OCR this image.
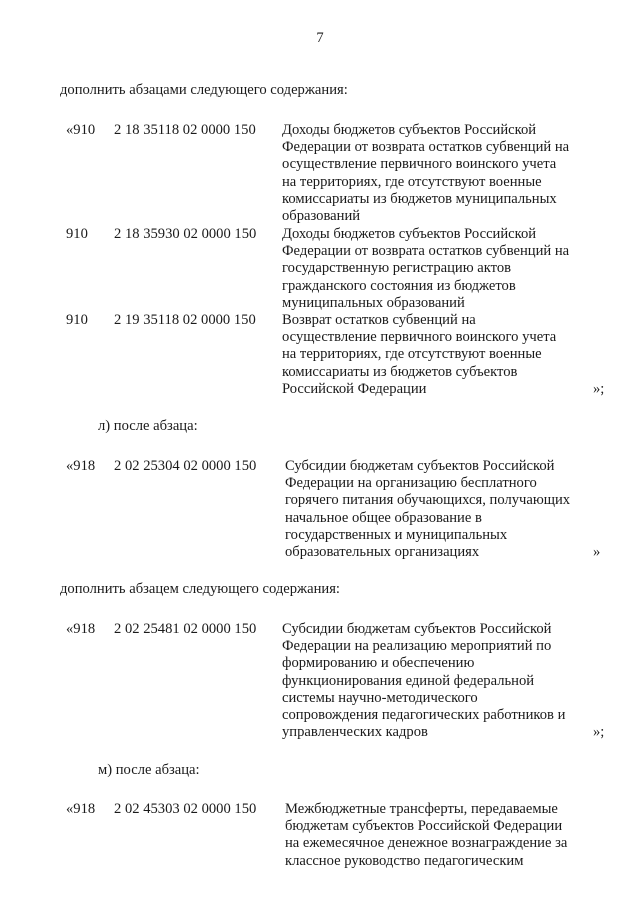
7
дополнить абзацами следующего содержания:
«910 2 18 35118 02 0000 150 Доходы бюджетов субъектов Российской
Федерации от возврата остатков субвенций на
осуществление первичного воинского учета
на территориях, где отсутствуют военные
комиссариаты из бюджетов муниципальных
образований
910 2 18 35930 02 0000 150 Доходы бюджетов субъектов Российской
Федерации от возврата остатков субвенций на
государственную регистрацию актов
гражданского состояния из бюджетов
муниципальных образований
910 2 19 35118 02 0000 150 Возврат остатков субвенций на
осуществление первичного воинского учета
на территориях, где отсутствуют военные
комиссариаты из бюджетов субъектов
Российской Федерации	»;
л) после абзаца:
«918 2 02 25304 02 0000 150 Субсидии бюджетам субъектов Российской
Федерации на организацию бесплатного
горячего питания обучающихся, получающих
начальное общее образование в
государственных и муниципальных
образовательных организациях	»
дополнить абзацем следующего содержания:
«918 2 02 25481 02 0000 150 Субсидии бюджетам субъектов Российской
Федерации на реализацию мероприятий по
формированию и обеспечению
функционирования единой федеральной
системы научно-методического
сопровождения педагогических работников и
управленческих кадров	»;
м) после абзаца:
«918 2 02 45303 02 0000 150 Межбюджетные трансферты, передаваемые
бюджетам субъектов Российской Федерации
на ежемесячное денежное вознаграждение за
классное руководство педагогическим
